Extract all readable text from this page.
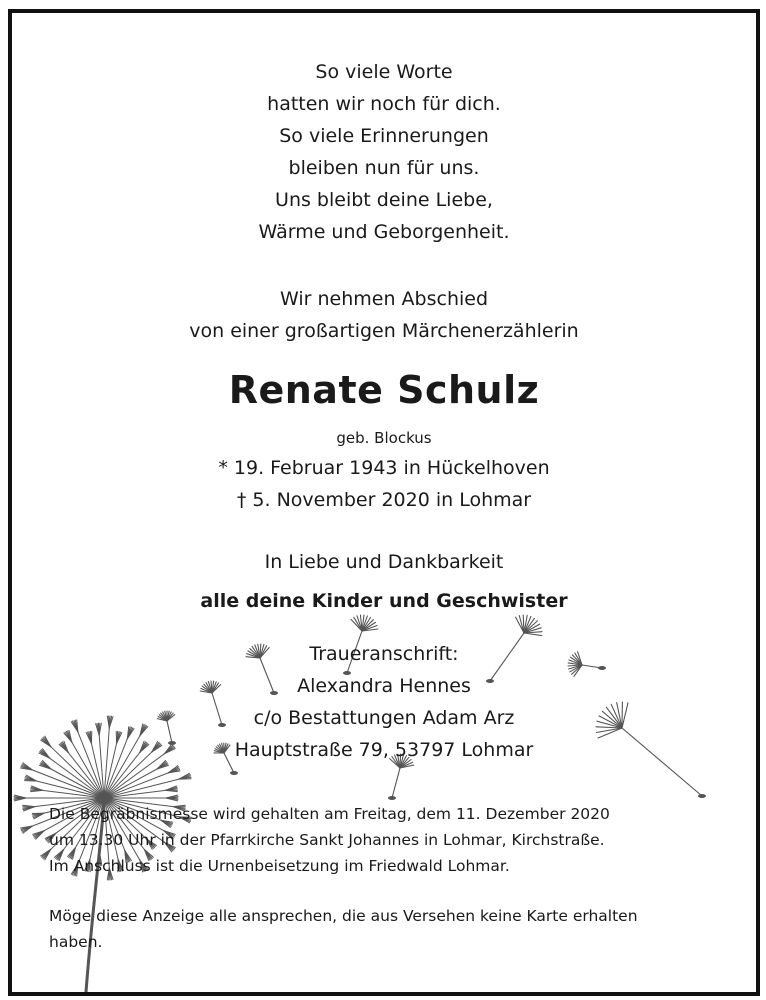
So viele Worte
hatten wir noch für dich.
So viele Erinnerungen
bleiben nun für uns.
Uns bleibt deine Liebe,
Wärme und Geborgenheit.
Wir nehmen Abschied
von einer großartigen Märchenerzählerin
Renate Schulz
geb. Blockus
* 19. Februar 1943 in Hückelhoven
† 5. November 2020 in Lohmar
In Liebe und Dankbarkeit
alle deine Kinder und Geschwister
Traueranschrift:
Alexandra Hennes
c/o Bestattungen Adam Arz
Hauptstraße 79, 53797 Lohmar
Die Begräbnismesse wird gehalten am Freitag, dem 11. Dezember 2020
um 13.30 Uhr in der Pfarrkirche Sankt Johannes in Lohmar, Kirchstraße.
Im Anschluss ist die Urnenbeisetzung im Friedwald Lohmar.
Möge diese Anzeige alle ansprechen, die aus Versehen keine Karte erhalten
haben.
